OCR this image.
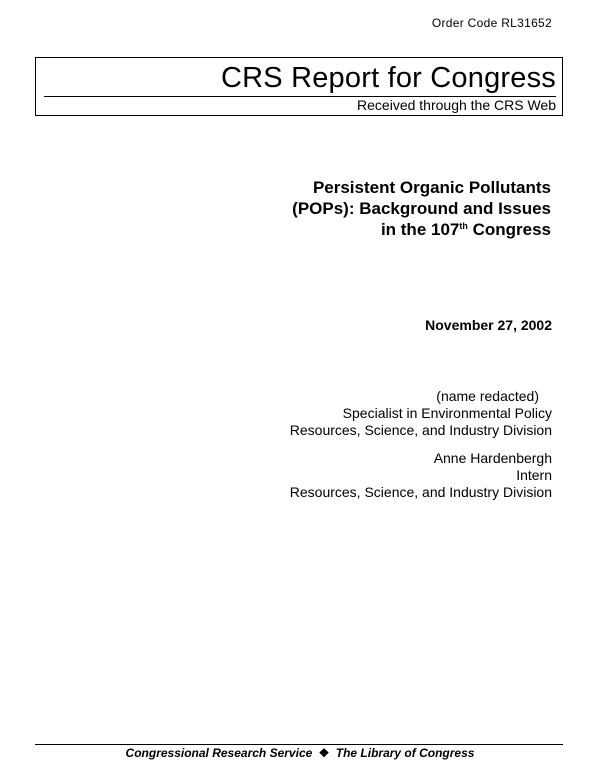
Order Code RL31652
CRS Report for Congress
Received through the CRS Web
Persistent Organic Pollutants
(POPs): Background and Issues
in the 107th Congress
November 27, 2002
(name redacted)
Specialist in Environmental Policy
Resources, Science, and Industry Division
Anne Hardenbergh
Intern
Resources, Science, and Industry Division
Congressional Research Service ❖ The Library of Congress
